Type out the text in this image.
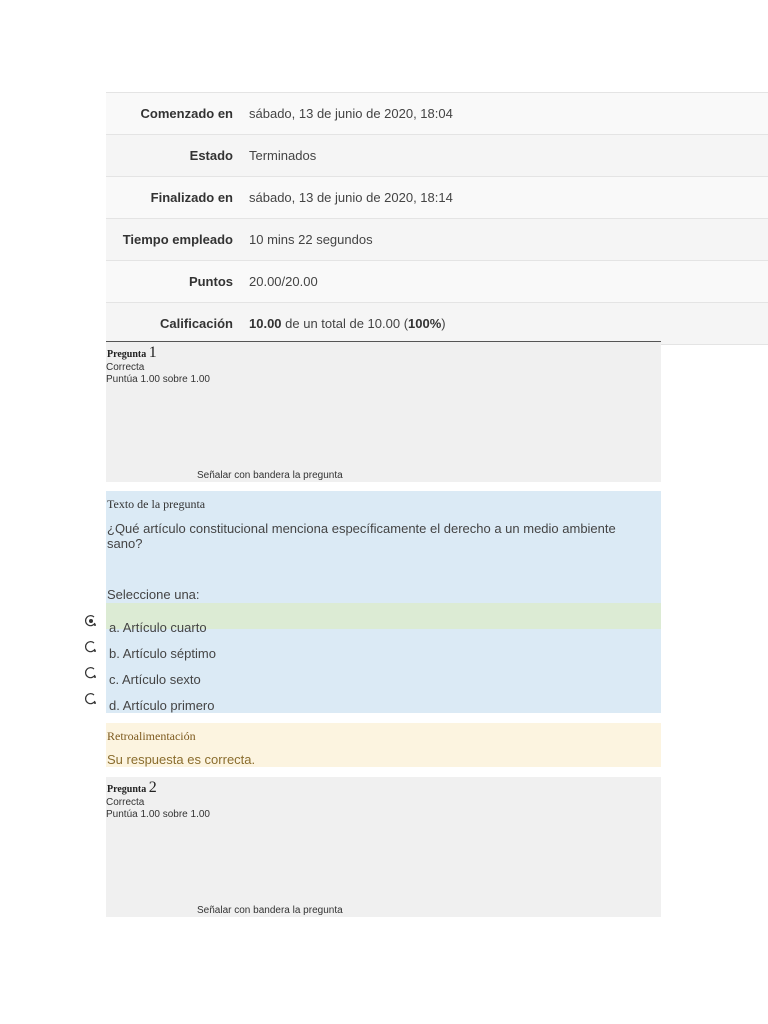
Comenzado en	sábado, 13 de junio de 2020, 18:04
Estado	Terminados
Finalizado en	sábado, 13 de junio de 2020, 18:14
Tiempo empleado	10 mins 22 segundos
Puntos	20.00/20.00
Calificación	10.00 de un total de 10.00 (100%)
Pregunta 1
Correcta
Puntúa 1.00 sobre 1.00
Señalar con bandera la pregunta
Texto de la pregunta
¿Qué artículo constitucional menciona específicamente el derecho a un medio ambiente sano?
Seleccione una:
a. Artículo cuarto
b. Artículo séptimo
c. Artículo sexto
d. Artículo primero
Retroalimentación
Su respuesta es correcta.
Pregunta 2
Correcta
Puntúa 1.00 sobre 1.00
Señalar con bandera la pregunta
